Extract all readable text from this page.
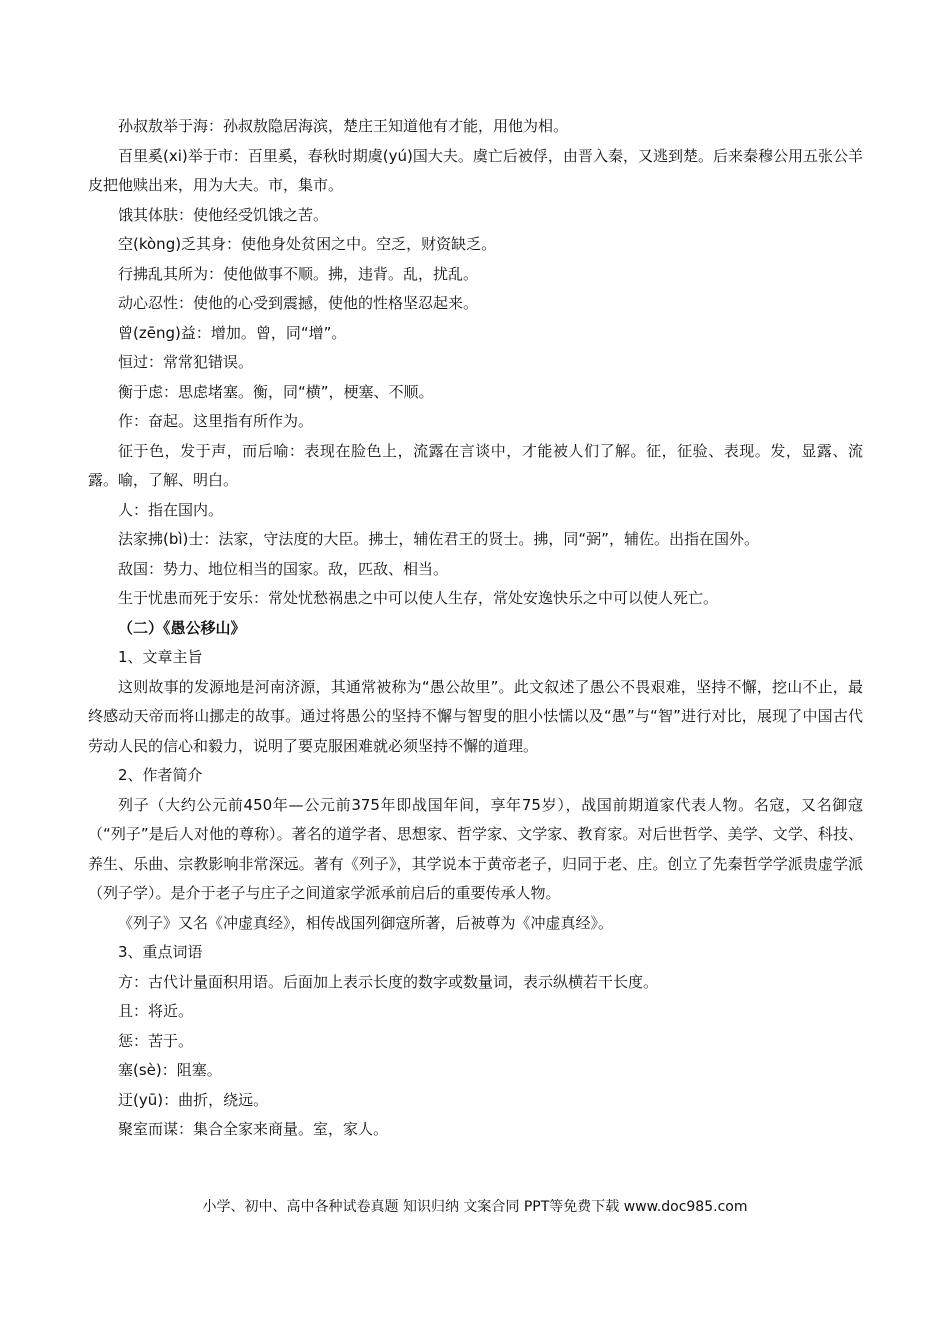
孙叔敖举于海：孙叔敖隐居海滨，楚庄王知道他有才能，用他为相。

百里奚(xi)举于市：百里奚，春秋时期虞(yú)国大夫。虞亡后被俘，由晋入秦，又逃到楚。后来秦穆公用五张公羊皮把他赎出来，用为大夫。市，集市。

饿其体肤：使他经受饥饿之苦。

空(kòng)乏其身：使他身处贫困之中。空乏，财资缺乏。

行拂乱其所为：使他做事不顺。拂，违背。乱，扰乱。

动心忍性：使他的心受到震撼，使他的性格坚忍起来。

曾(zēng)益：增加。曾，同“增”。

恒过：常常犯错误。

衡于虑：思虑堵塞。衡，同“横”，梗塞、不顺。

作：奋起。这里指有所作为。

征于色，发于声，而后喻：表现在脸色上，流露在言谈中，才能被人们了解。征，征验、表现。发，显露、流露。喻，了解、明白。

人：指在国内。

法家拂(bì)士：法家，守法度的大臣。拂士，辅佐君王的贤士。拂，同“弼”，辅佐。出指在国外。

敌国：势力、地位相当的国家。敌，匹敌、相当。

生于忧患而死于安乐：常处忧愁祸患之中可以使人生存，常处安逸快乐之中可以使人死亡。

（二）《愚公移山》

1、文章主旨

这则故事的发源地是河南济源，其通常被称为“愚公故里”。此文叙述了愚公不畏艰难，坚持不懈，挖山不止，最终感动天帝而将山挪走的故事。通过将愚公的坚持不懈与智叟的胆小怯懦以及“愚”与“智”进行对比，展现了中国古代劳动人民的信心和毅力，说明了要克服困难就必须坚持不懈的道理。

2、作者简介

列子（大约公元前450年—公元前375年即战国年间，享年75岁），战国前期道家代表人物。名寇，又名御寇（“列子”是后人对他的尊称）。著名的道学者、思想家、哲学家、文学家、教育家。对后世哲学、美学、文学、科技、养生、乐曲、宗教影响非常深远。著有《列子》，其学说本于黄帝老子，归同于老、庄。创立了先秦哲学学派贵虚学派（列子学）。是介于老子与庄子之间道家学派承前启后的重要传承人物。

《列子》又名《冲虚真经》，相传战国列御寇所著，后被尊为《冲虚真经》。

3、重点词语

方：古代计量面积用语。后面加上表示长度的数字或数量词，表示纵横若干长度。

且：将近。

惩：苦于。

塞(sè)：阻塞。

迂(yū)：曲折，绕远。

聚室而谋：集合全家来商量。室，家人。

小学、初中、高中各种试卷真题 知识归纳 文案合同 PPT等免费下载 www.doc985.com
